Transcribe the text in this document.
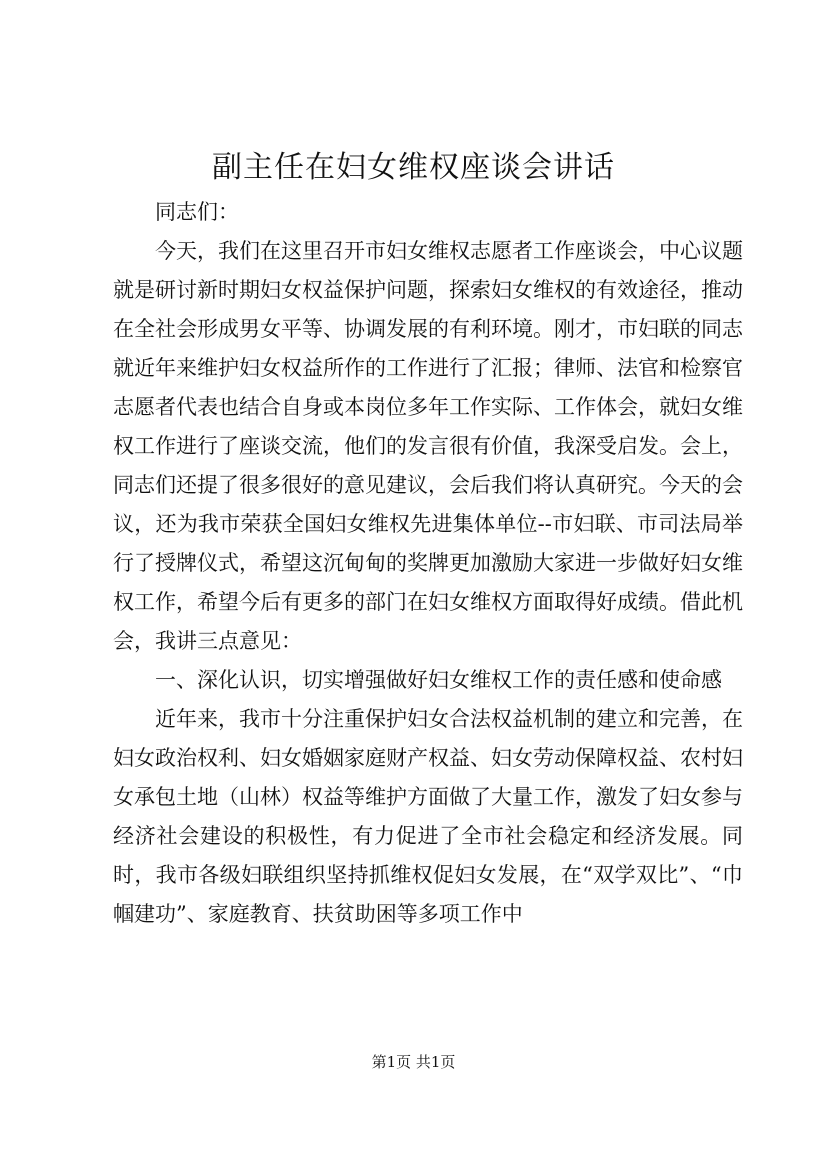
副主任在妇女维权座谈会讲话

同志们：

今天，我们在这里召开市妇女维权志愿者工作座谈会，中心议题就是研讨新时期妇女权益保护问题，探索妇女维权的有效途径，推动在全社会形成男女平等、协调发展的有利环境。刚才，市妇联的同志就近年来维护妇女权益所作的工作进行了汇报；律师、法官和检察官志愿者代表也结合自身或本岗位多年工作实际、工作体会，就妇女维权工作进行了座谈交流，他们的发言很有价值，我深受启发。会上，同志们还提了很多很好的意见建议，会后我们将认真研究。今天的会议，还为我市荣获全国妇女维权先进集体单位--市妇联、市司法局举行了授牌仪式，希望这沉甸甸的奖牌更加激励大家进一步做好妇女维权工作，希望今后有更多的部门在妇女维权方面取得好成绩。借此机会，我讲三点意见：

一、深化认识，切实增强做好妇女维权工作的责任感和使命感

近年来，我市十分注重保护妇女合法权益机制的建立和完善，在妇女政治权利、妇女婚姻家庭财产权益、妇女劳动保障权益、农村妇女承包土地（山林）权益等维护方面做了大量工作，激发了妇女参与经济社会建设的积极性，有力促进了全市社会稳定和经济发展。同时，我市各级妇联组织坚持抓维权促妇女发展，在“双学双比”、“巾帼建功”、家庭教育、扶贫助困等多项工作中

第1页 共1页
